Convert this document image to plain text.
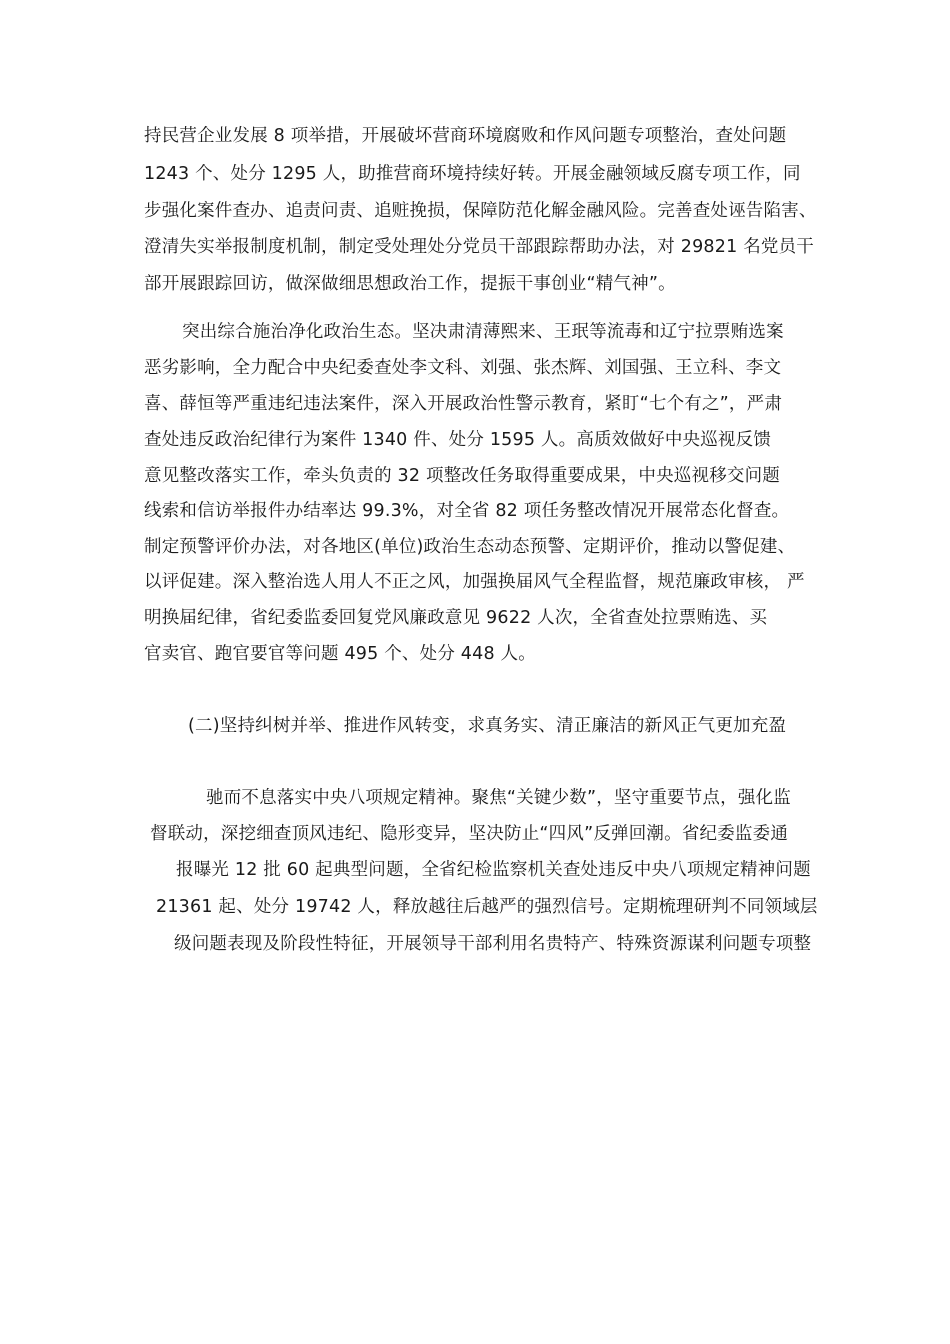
持民营企业发展 8 项举措，开展破坏营商环境腐败和作风问题专项整治，查处问题
1243 个、处分 1295 人，助推营商环境持续好转。开展金融领域反腐专项工作，同
步强化案件查办、追责问责、追赃挽损，保障防范化解金融风险。完善查处诬告陷害、
澄清失实举报制度机制，制定受处理处分党员干部跟踪帮助办法，对 29821 名党员干
部开展跟踪回访，做深做细思想政治工作，提振干事创业“精气神”。
突出综合施治净化政治生态。坚决肃清薄熙来、王珉等流毒和辽宁拉票贿选案
恶劣影响，全力配合中央纪委查处李文科、刘强、张杰辉、刘国强、王立科、李文
喜、薛恒等严重违纪违法案件，深入开展政治性警示教育，紧盯“七个有之”，严肃
查处违反政治纪律行为案件 1340 件、处分 1595 人。高质效做好中央巡视反馈
意见整改落实工作，牵头负责的 32 项整改任务取得重要成果，中央巡视移交问题
线索和信访举报件办结率达 99.3%，对全省 82 项任务整改情况开展常态化督查。
制定预警评价办法，对各地区(单位)政治生态动态预警、定期评价，推动以警促建、
以评促建。深入整治选人用人不正之风，加强换届风气全程监督，规范廉政审核， 严
明换届纪律，省纪委监委回复党风廉政意见 9622 人次，全省查处拉票贿选、买
官卖官、跑官要官等问题 495 个、处分 448 人。
(二)坚持纠树并举、推进作风转变，求真务实、清正廉洁的新风正气更加充盈
驰而不息落实中央八项规定精神。聚焦“关键少数”，坚守重要节点，强化监
督联动，深挖细查顶风违纪、隐形变异，坚决防止“四风”反弹回潮。省纪委监委通
报曝光 12 批 60 起典型问题，全省纪检监察机关查处违反中央八项规定精神问题
21361 起、处分 19742 人，释放越往后越严的强烈信号。定期梳理研判不同领域层
级问题表现及阶段性特征，开展领导干部利用名贵特产、特殊资源谋利问题专项整
